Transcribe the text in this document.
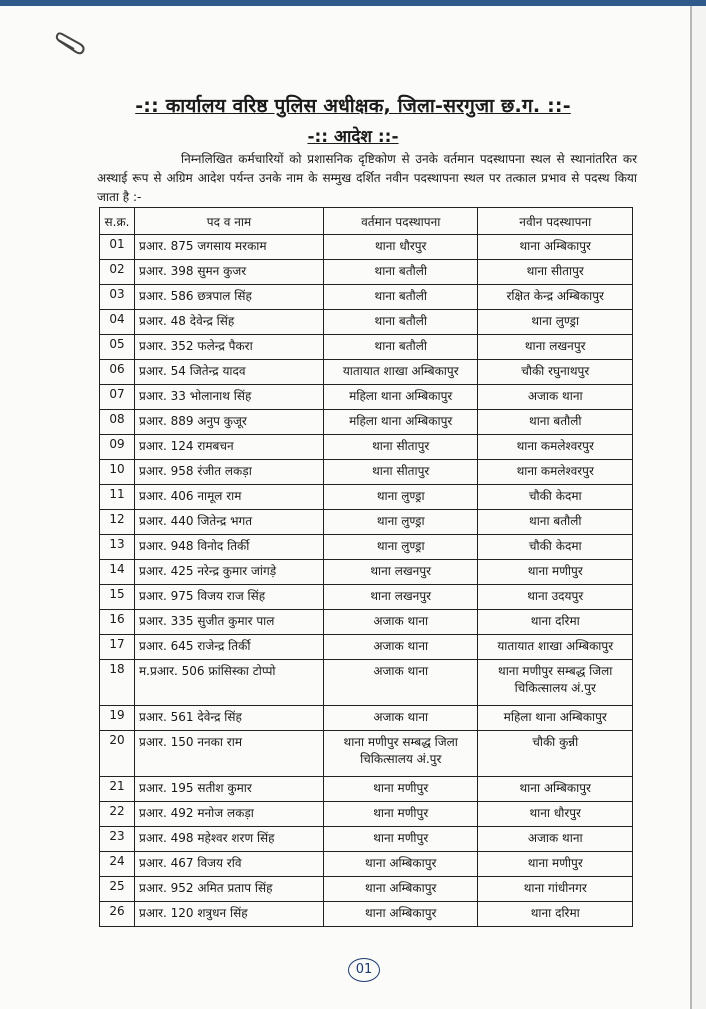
-:: कार्यालय वरिष्ठ पुलिस अधीक्षक, जिला-सरगुजा छ.ग. ::-
-:: आदेश ::-
निम्नलिखित कर्मचारियों को प्रशासनिक दृष्टिकोण से उनके वर्तमान पदस्थापना स्थल से स्थानांतरित कर अस्थाई रूप से अग्रिम आदेश पर्यन्त उनके नाम के सम्मुख दर्शित नवीन पदस्थापना स्थल पर तत्काल प्रभाव से पदस्थ किया जाता है :-
स.क्र.	पद व नाम	वर्तमान पदस्थापना	नवीन पदस्थापना
01	प्रआर. 875 जगसाय मरकाम	थाना धौरपुर	थाना अम्बिकापुर
02	प्रआर. 398 सुमन कुजर	थाना बतौली	थाना सीतापुर
03	प्रआर. 586 छत्रपाल सिंह	थाना बतौली	रक्षित केन्द्र अम्बिकापुर
04	प्रआर. 48 देवेन्द्र सिंह	थाना बतौली	थाना लुण्ड्रा
05	प्रआर. 352 फलेन्द्र पैकरा	थाना बतौली	थाना लखनपुर
06	प्रआर. 54 जितेन्द्र यादव	यातायात शाखा अम्बिकापुर	चौकी रघुनाथपुर
07	प्रआर. 33 भोलानाथ सिंह	महिला थाना अम्बिकापुर	अजाक थाना
08	प्रआर. 889 अनुप कुजूर	महिला थाना अम्बिकापुर	थाना बतौली
09	प्रआर. 124 रामबचन	थाना सीतापुर	थाना कमलेश्वरपुर
10	प्रआर. 958 रंजीत लकड़ा	थाना सीतापुर	थाना कमलेश्वरपुर
11	प्रआर. 406 नामूल राम	थाना लुण्ड्रा	चौकी केदमा
12	प्रआर. 440 जितेन्द्र भगत	थाना लुण्ड्रा	थाना बतौली
13	प्रआर. 948 विनोद तिर्की	थाना लुण्ड्रा	चौकी केदमा
14	प्रआर. 425 नरेन्द्र कुमार जांगड़े	थाना लखनपुर	थाना मणीपुर
15	प्रआर. 975 विजय राज सिंह	थाना लखनपुर	थाना उदयपुर
16	प्रआर. 335 सुजीत कुमार पाल	अजाक थाना	थाना दरिमा
17	प्रआर. 645 राजेन्द्र तिर्की	अजाक थाना	यातायात शाखा अम्बिकापुर
18	म.प्रआर. 506 फ्रांसिस्का टोप्पो	अजाक थाना	थाना मणीपुर सम्बद्ध जिला चिकित्सालय अं.पुर
19	प्रआर. 561 देवेन्द्र सिंह	अजाक थाना	महिला थाना अम्बिकापुर
20	प्रआर. 150 ननका राम	थाना मणीपुर सम्बद्ध जिला चिकित्सालय अं.पुर	चौकी कुन्नी
21	प्रआर. 195 सतीश कुमार	थाना मणीपुर	थाना अम्बिकापुर
22	प्रआर. 492 मनोज लकड़ा	थाना मणीपुर	थाना धौरपुर
23	प्रआर. 498 महेश्वर शरण सिंह	थाना मणीपुर	अजाक थाना
24	प्रआर. 467 विजय रवि	थाना अम्बिकापुर	थाना मणीपुर
25	प्रआर. 952 अमित प्रताप सिंह	थाना अम्बिकापुर	थाना गांधीनगर
26	प्रआर. 120 शत्रुधन सिंह	थाना अम्बिकापुर	थाना दरिमा
01
